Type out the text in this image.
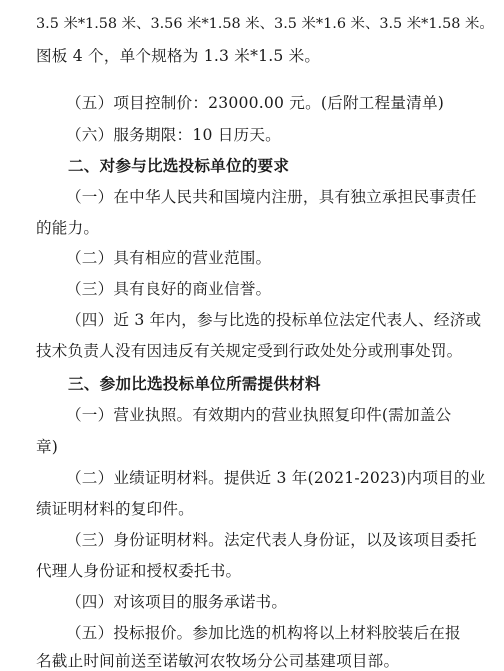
3.5 米*1.58 米、3.56 米*1.58 米、3.5 米*1.6 米、3.5 米*1.58 米。
图板 4 个，单个规格为 1.3 米*1.5 米。
（五）项目控制价：23000.00 元。(后附工程量清单)
（六）服务期限：10 日历天。
二、对参与比选投标单位的要求
（一）在中华人民共和国境内注册，具有独立承担民事责任
的能力。
（二）具有相应的营业范围。
（三）具有良好的商业信誉。
（四）近 3 年内，参与比选的投标单位法定代表人、经济或
技术负责人没有因违反有关规定受到行政处处分或刑事处罚。
三、参加比选投标单位所需提供材料
（一）营业执照。有效期内的营业执照复印件(需加盖公
章)
（二）业绩证明材料。提供近 3 年(2021-2023)内项目的业
绩证明材料的复印件。
（三）身份证明材料。法定代表人身份证，以及该项目委托
代理人身份证和授权委托书。
（四）对该项目的服务承诺书。
（五）投标报价。参加比选的机构将以上材料胶装后在报
名截止时间前送至诺敏河农牧场分公司基建项目部。
